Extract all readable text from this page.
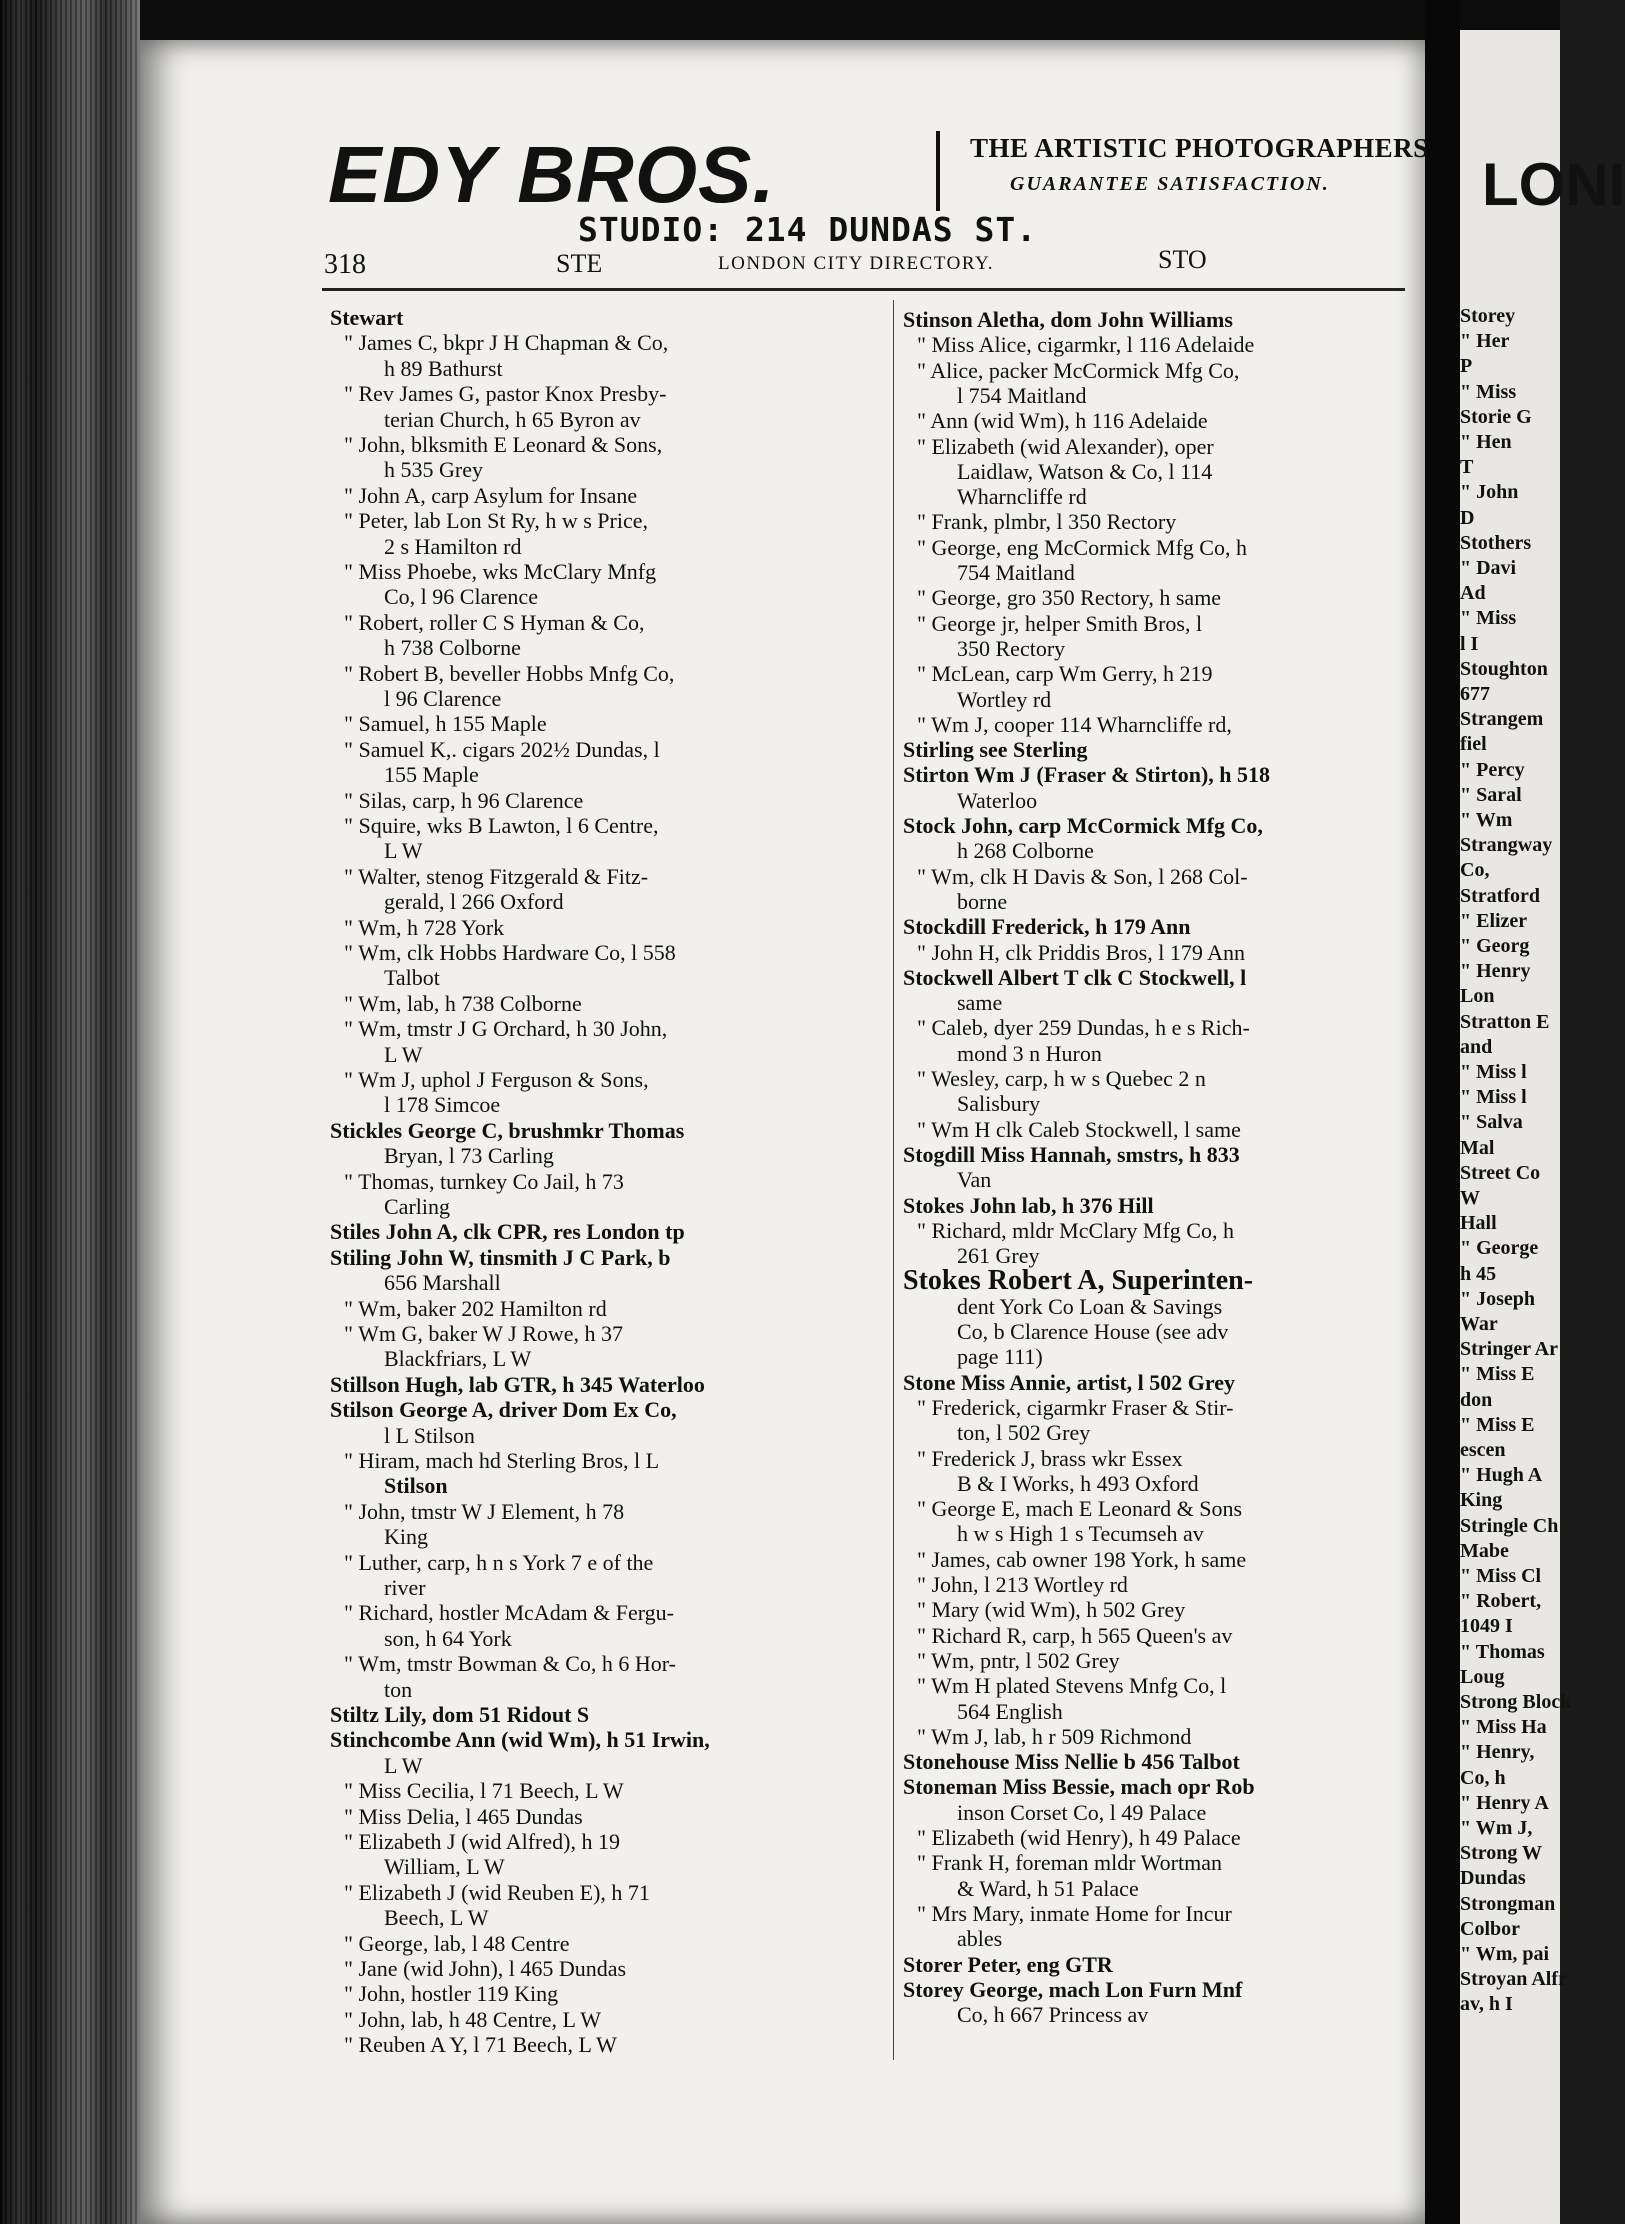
LONI
Storey
" Her
P
" Miss
Storie G
" Hen
T
" John
D
Stothers
" Davi
Ad
" Miss
l I
Stoughton
677
Strangem
fiel
" Percy
" Saral
" Wm
Strangway
Co,
Stratford
" Elizer
" Georg
" Henry
Lon
Stratton E
and
" Miss l
" Miss l
" Salva
Mal
Street Co
W
Hall
" George
h 45
" Joseph
War
Stringer Ar
" Miss E
don
" Miss E
escen
" Hugh A
King
Stringle Ch
Mabe
" Miss Cl
" Robert,
1049 I
" Thomas
Loug
Strong Block
" Miss Ha
" Henry,
Co, h
" Henry A
" Wm J,
Strong W
Dundas
Strongman
Colbor
" Wm, pai
Stroyan Alfr
av, h I
EDY BROS.	THE ARTISTIC PHOTOGRAPHERS
GUARANTEE SATISFACTION.
STUDIO: 214 DUNDAS ST.
318	STE	LONDON CITY DIRECTORY.	STO
Stewart
" James C, bkpr J H Chapman & Co,
h 89 Bathurst
" Rev James G, pastor Knox Presby-
terian Church, h 65 Byron av
" John, blksmith E Leonard & Sons,
h 535 Grey
" John A, carp Asylum for Insane
" Peter, lab Lon St Ry, h w s Price,
2 s Hamilton rd
" Miss Phoebe, wks McClary Mnfg
Co, l 96 Clarence
" Robert, roller C S Hyman & Co,
h 738 Colborne
" Robert B, beveller Hobbs Mnfg Co,
l 96 Clarence
" Samuel, h 155 Maple
" Samuel K,. cigars 202½ Dundas, l
155 Maple
" Silas, carp, h 96 Clarence
" Squire, wks B Lawton, l 6 Centre,
L W
" Walter, stenog Fitzgerald & Fitz-
gerald, l 266 Oxford
" Wm, h 728 York
" Wm, clk Hobbs Hardware Co, l 558
Talbot
" Wm, lab, h 738 Colborne
" Wm, tmstr J G Orchard, h 30 John,
L W
" Wm J, uphol J Ferguson & Sons,
l 178 Simcoe
Stickles George C, brushmkr Thomas
Bryan, l 73 Carling
" Thomas, turnkey Co Jail, h 73
Carling
Stiles John A, clk CPR, res London tp
Stiling John W, tinsmith J C Park, b
656 Marshall
" Wm, baker 202 Hamilton rd
" Wm G, baker W J Rowe, h 37
Blackfriars, L W
Stillson Hugh, lab GTR, h 345 Waterloo
Stilson George A, driver Dom Ex Co,
l L Stilson
" Hiram, mach hd Sterling Bros, l L
Stilson
" John, tmstr W J Element, h 78
King
" Luther, carp, h n s York 7 e of the
river
" Richard, hostler McAdam & Fergu-
son, h 64 York
" Wm, tmstr Bowman & Co, h 6 Hor-
ton
Stiltz Lily, dom 51 Ridout S
Stinchcombe Ann (wid Wm), h 51 Irwin,
L W
" Miss Cecilia, l 71 Beech, L W
" Miss Delia, l 465 Dundas
" Elizabeth J (wid Alfred), h 19
William, L W
" Elizabeth J (wid Reuben E), h 71
Beech, L W
" George, lab, l 48 Centre
" Jane (wid John), l 465 Dundas
" John, hostler 119 King
" John, lab, h 48 Centre, L W
" Reuben A Y, l 71 Beech, L W
Stinson Aletha, dom John Williams
" Miss Alice, cigarmkr, l 116 Adelaide
" Alice, packer McCormick Mfg Co,
l 754 Maitland
" Ann (wid Wm), h 116 Adelaide
" Elizabeth (wid Alexander), oper
Laidlaw, Watson & Co, l 114
Wharncliffe rd
" Frank, plmbr, l 350 Rectory
" George, eng McCormick Mfg Co, h
754 Maitland
" George, gro 350 Rectory, h same
" George jr, helper Smith Bros, l
350 Rectory
" McLean, carp Wm Gerry, h 219
Wortley rd
" Wm J, cooper 114 Wharncliffe rd,
Stirling see Sterling
Stirton Wm J (Fraser & Stirton), h 518
Waterloo
Stock John, carp McCormick Mfg Co,
h 268 Colborne
" Wm, clk H Davis & Son, l 268 Col-
borne
Stockdill Frederick, h 179 Ann
" John H, clk Priddis Bros, l 179 Ann
Stockwell Albert T clk C Stockwell, l
same
" Caleb, dyer 259 Dundas, h e s Rich-
mond 3 n Huron
" Wesley, carp, h w s Quebec 2 n
Salisbury
" Wm H clk Caleb Stockwell, l same
Stogdill Miss Hannah, smstrs, h 833
Van
Stokes John lab, h 376 Hill
" Richard, mldr McClary Mfg Co, h
261 Grey
Stokes Robert A, Superinten-
dent York Co Loan & Savings
Co, b Clarence House (see adv
page 111)
Stone Miss Annie, artist, l 502 Grey
" Frederick, cigarmkr Fraser & Stir-
ton, l 502 Grey
" Frederick J, brass wkr Essex
B & I Works, h 493 Oxford
" George E, mach E Leonard & Sons
h w s High 1 s Tecumseh av
" James, cab owner 198 York, h same
" John, l 213 Wortley rd
" Mary (wid Wm), h 502 Grey
" Richard R, carp, h 565 Queen's av
" Wm, pntr, l 502 Grey
" Wm H plated Stevens Mnfg Co, l
564 English
" Wm J, lab, h r 509 Richmond
Stonehouse Miss Nellie b 456 Talbot
Stoneman Miss Bessie, mach opr Rob
inson Corset Co, l 49 Palace
" Elizabeth (wid Henry), h 49 Palace
" Frank H, foreman mldr Wortman
& Ward, h 51 Palace
" Mrs Mary, inmate Home for Incur
ables
Storer Peter, eng GTR
Storey George, mach Lon Furn Mnf
Co, h 667 Princess av
